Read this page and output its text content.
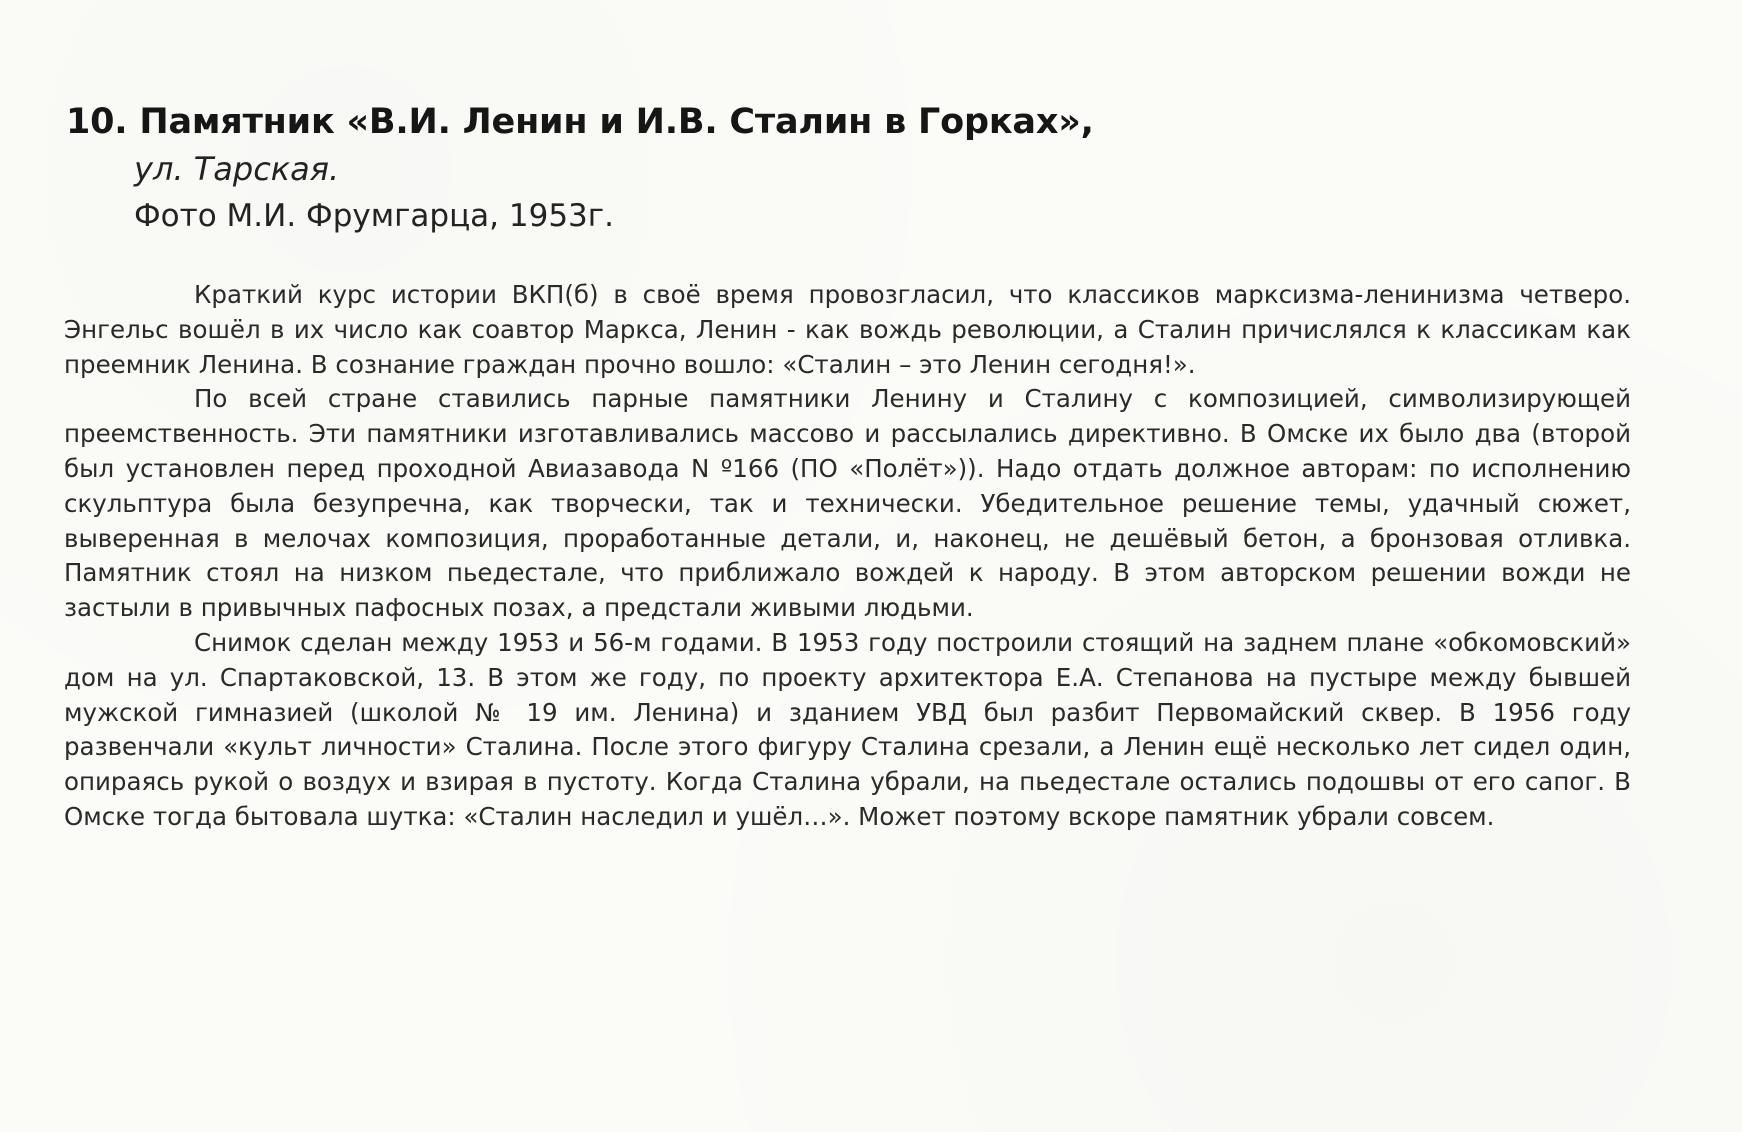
10. Памятник «В.И. Ленин и И.В. Сталин в Горках»,

ул. Тарская.

Фото М.И. Фрумгарца, 1953г.

Краткий курс истории ВКП(б) в своё время провозгласил, что классиков марксизма-ленинизма четверо. Энгельс вошёл в их число как соавтор Маркса, Ленин - как вождь революции, а Сталин причислялся к классикам как преемник Ленина. В сознание граждан прочно вошло: «Сталин – это Ленин сегодня!».

По всей стране ставились парные памятники Ленину и Сталину с композицией, символизирующей преемственность. Эти памятники изготавливались массово и рассылались директивно. В Омске их было два (второй был установлен перед проходной Авиазавода N º166 (ПО «Полёт»)). Надо отдать должное авторам: по исполнению скульптура была безупречна, как творчески, так и технически. Убедительное решение темы, удачный сюжет, выверенная в мелочах композиция, проработанные детали, и, наконец, не дешёвый бетон, а бронзовая отливка. Памятник стоял на низком пьедестале, что приближало вождей к народу. В этом авторском решении вожди не застыли в привычных пафосных позах, а предстали живыми людьми.

Снимок сделан между 1953 и 56-м годами. В 1953 году построили стоящий на заднем плане «обкомовский» дом на ул. Спартаковской, 13. В этом же году, по проекту архитектора Е.А. Степанова на пустыре между бывшей мужской гимназией (школой № 19 им. Ленина) и зданием УВД был разбит Первомайский сквер. В 1956 году развенчали «культ личности» Сталина. После этого фигуру Сталина срезали, а Ленин ещё несколько лет сидел один, опираясь рукой о воздух и взирая в пустоту. Когда Сталина убрали, на пьедестале остались подошвы от его сапог. В Омске тогда бытовала шутка: «Сталин наследил и ушёл…». Может поэтому вскоре памятник убрали совсем.
